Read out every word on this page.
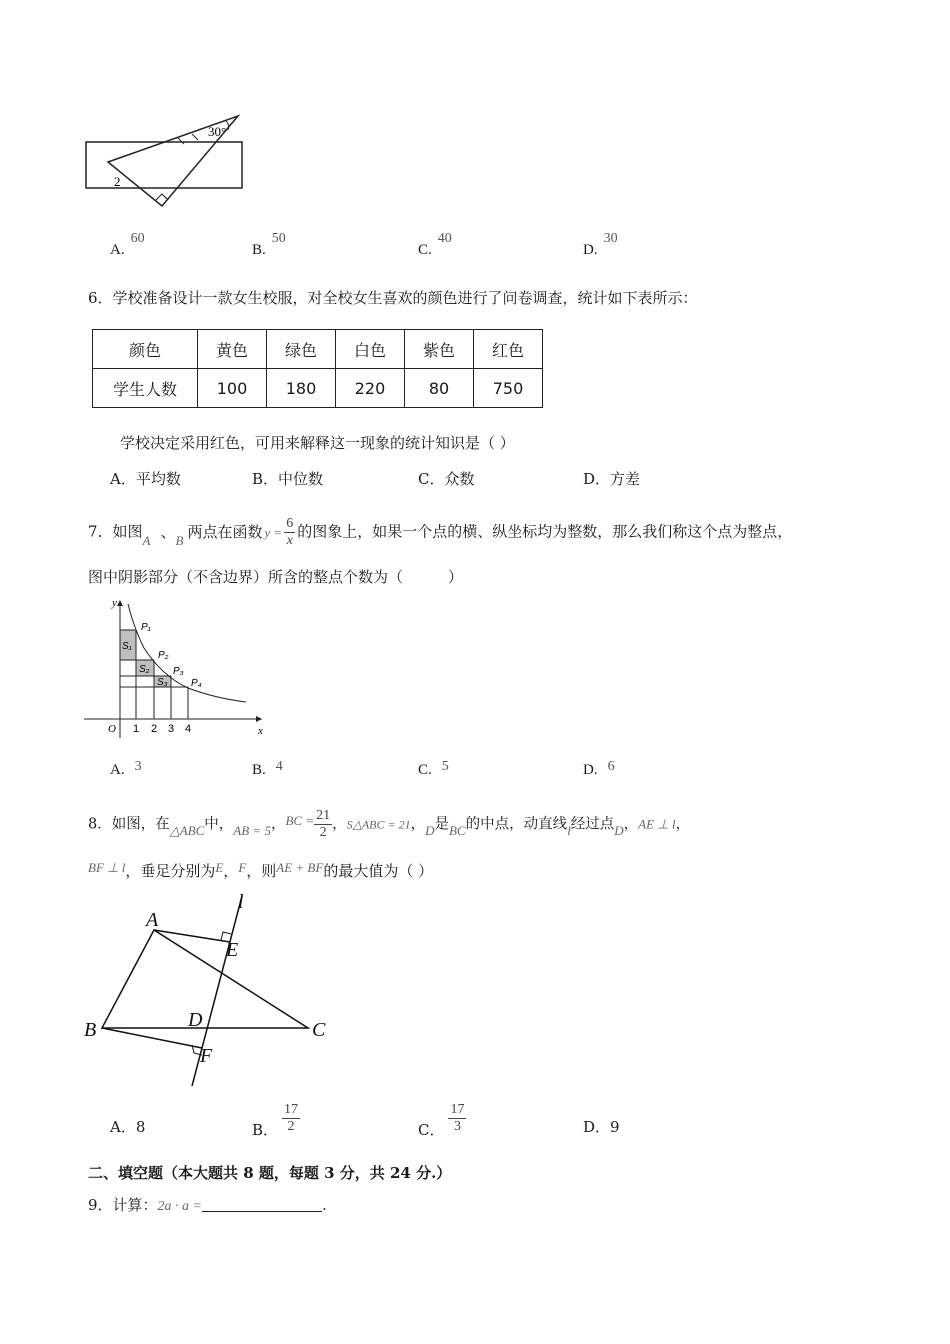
30°
2
A.60
B.50
C.40
D.30
6．学校准备设计一款女生校服，对全校女生喜欢的颜色进行了问卷调查，统计如下表所示：
颜色	黄色	绿色	白色	紫色	红色
学生人数	100	180	220	80	750
学校决定采用红色，可用来解释这一现象的统计知识是（ ）
A．平均数	B．中位数	C．众数	D．方差
7．如图A 、B 两点在函数 $y = \frac{6}{x}$ 的图象上，如果一个点的横、纵坐标均为整数，那么我们称这个点为整点，
图中阴影部分（不含边界）所含的整点个数为（　　　）
y
x
O 1 2 3 4
P₁
P₂
P₃
P₄
S₁
S₂
S₃
A. 3	B. 4	C. 5	D. 6
8．如图，在△ABC中，AB = 5，BC = $\frac{21}{2}$ ，S△ABC = 21，D是BC的中点，动直线l经过点D，AE ⊥ l，
BF ⊥ l，垂足分别为E，F，则AE + BF的最大值为（ ）
A
B	C
D
E
F
l
A．8	B． $\frac{17}{2}$	C． $\frac{17}{3}$	D．9
二、填空题（本大题共 8 题，每题 3 分，共 24 分.）
9．计算：2a · a =	.
